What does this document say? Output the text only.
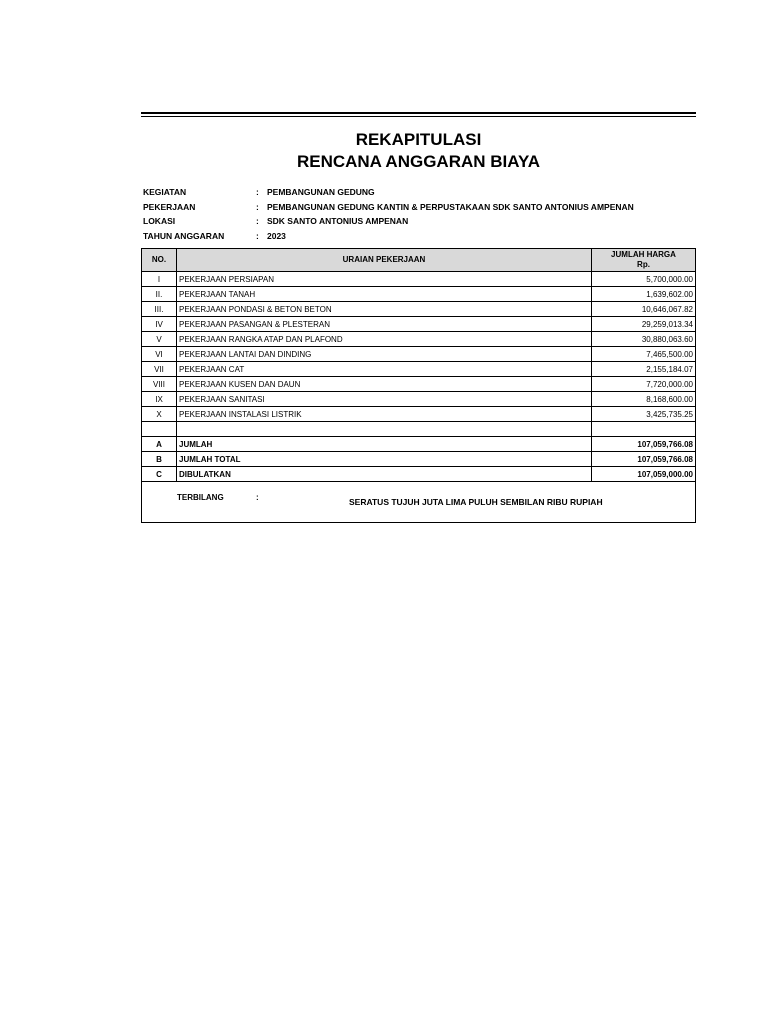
REKAPITULASI
RENCANA ANGGARAN BIAYA
KEGIATAN	: PEMBANGUNAN GEDUNG
PEKERJAAN	: PEMBANGUNAN GEDUNG KANTIN & PERPUSTAKAAN SDK SANTO ANTONIUS AMPENAN
LOKASI	: SDK SANTO ANTONIUS AMPENAN
TAHUN ANGGARAN	: 2023
NO.	URAIAN PEKERJAAN	JUMLAH HARGA
Rp.

I	PEKERJAAN PERSIAPAN	5,700,000.00
II.	PEKERJAAN TANAH	1,639,602.00
III.	PEKERJAAN PONDASI & BETON BETON	10,646,067.82
IV	PEKERJAAN PASANGAN & PLESTERAN	29,259,013.34
V	PEKERJAAN RANGKA ATAP DAN PLAFOND	30,880,063.60
VI	PEKERJAAN LANTAI DAN DINDING	7,465,500.00
VII	PEKERJAAN CAT	2,155,184.07
VIII	PEKERJAAN KUSEN DAN DAUN	7,720,000.00
IX	PEKERJAAN SANITASI	8,168,600.00
X	PEKERJAAN INSTALASI LISTRIK	3,425,735.25

A	JUMLAH	107,059,766.08
B	JUMLAH TOTAL	107,059,766.08
C	DIBULATKAN	107,059,000.00

TERBILANG : SERATUS TUJUH JUTA LIMA PULUH SEMBILAN RIBU RUPIAH		
